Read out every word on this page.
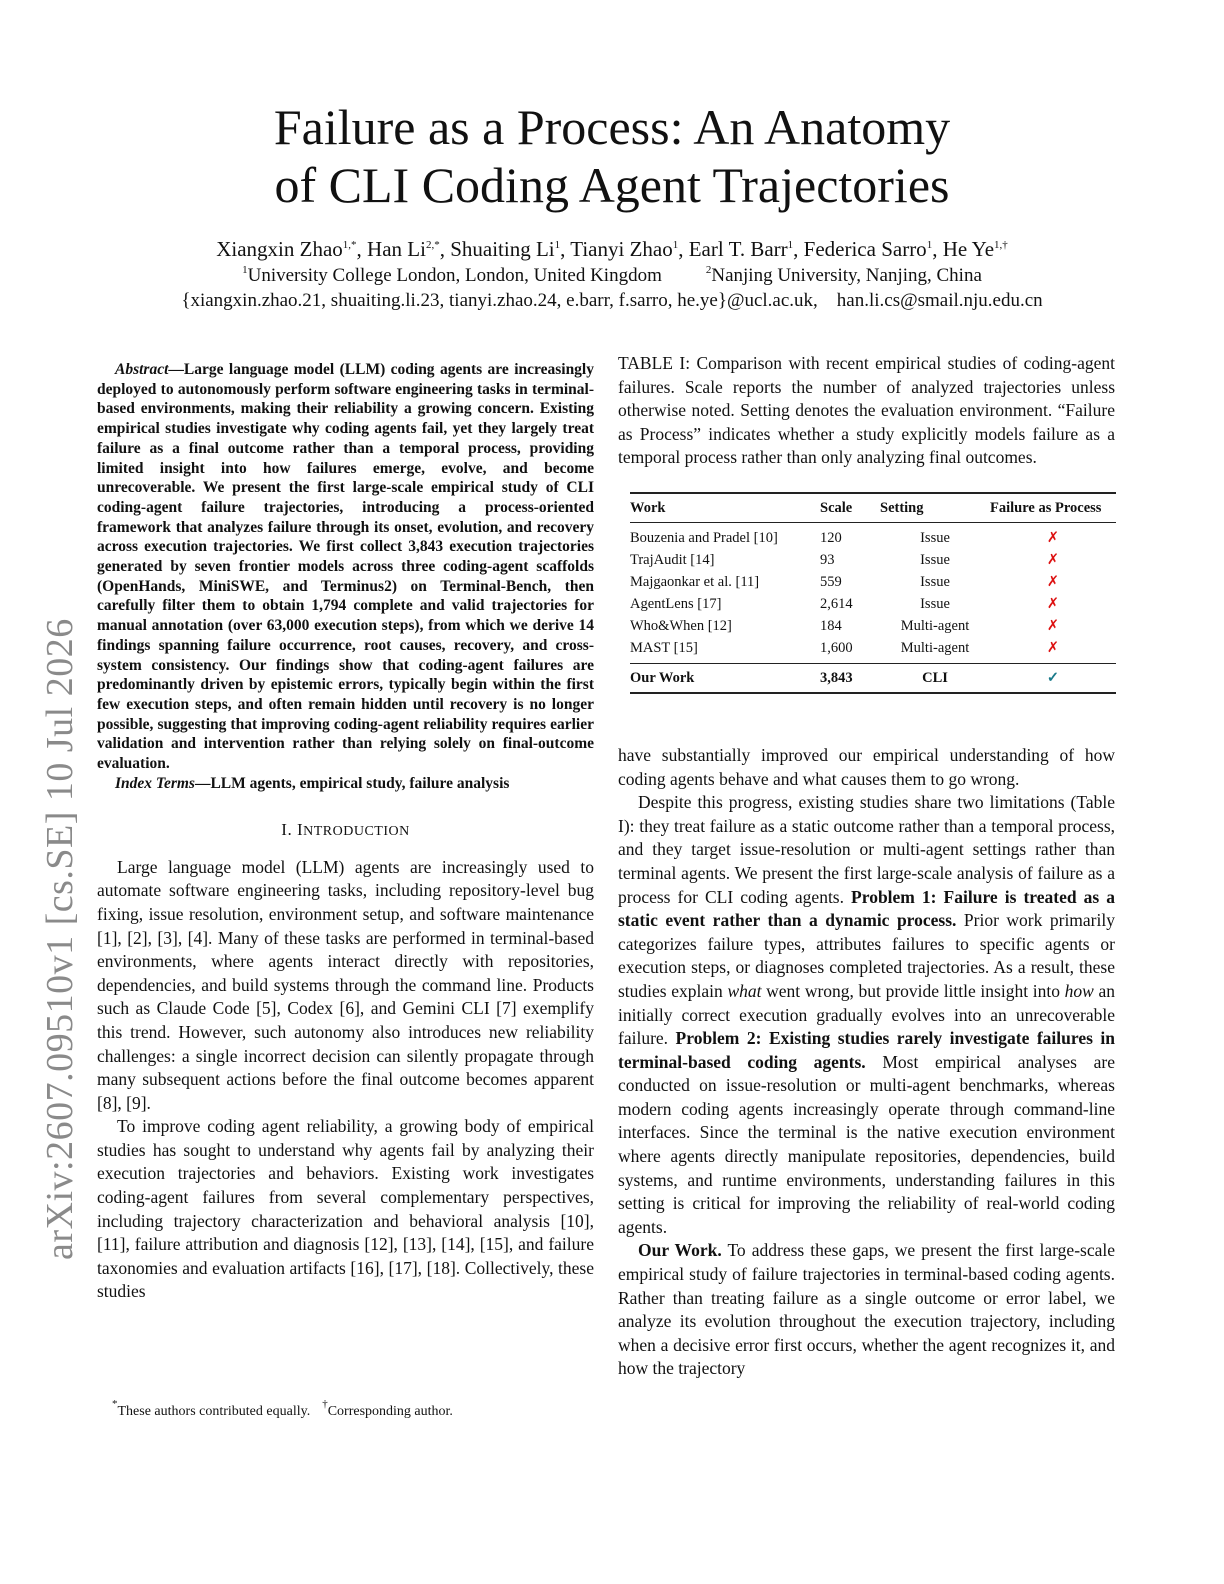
arXiv:2607.09510v1 [cs.SE] 10 Jul 2026
Failure as a Process: An Anatomy
of CLI Coding Agent Trajectories
Xiangxin Zhao$^{1,*}$, Han $Li^{2,*}$, Shuaiting Li$^1$, Tianyi Zhao$^1$, Earl T. Barr$^1$, Federica Sarro$^1$, He $Ye^{1,\dagger}$
$^1$University College London, London, United Kingdom	$^2$Nanjing University, Nanjing, China
{xiangxin.zhao.21, shuaiting.li.23, tianyi.zhao.24, e.barr, f.sarro, he.ye}@ucl.ac.uk,    han.li.cs@smail.nju.edu.cn

Abstract—Large language model (LLM) coding agents are increasingly deployed to autonomously perform software engineering tasks in terminal-based environments, making their reliability a growing concern. Existing empirical studies investigate why coding agents fail, yet they largely treat failure as a final outcome rather than a temporal process, providing limited insight into how failures emerge, evolve, and become unrecoverable. We present the first large-scale empirical study of CLI coding-agent failure trajectories, introducing a process-oriented framework that analyzes failure through its onset, evolution, and recovery across execution trajectories. We first collect 3,843 execution trajectories generated by seven frontier models across three coding-agent scaffolds (OpenHands, MiniSWE, and Terminus2) on Terminal-Bench, then carefully filter them to obtain 1,794 complete and valid trajectories for manual annotation (over 63,000 execution steps), from which we derive 14 findings spanning failure occurrence, root causes, recovery, and cross-system consistency. Our findings show that coding-agent failures are predominantly driven by epistemic errors, typically begin within the first few execution steps, and often remain hidden until recovery is no longer possible, suggesting that improving coding-agent reliability requires earlier validation and intervention rather than relying solely on final-outcome evaluation.

Index Terms—LLM agents, empirical study, failure analysis

I. INTRODUCTION

Large language model (LLM) agents are increasingly used to automate software engineering tasks, including repository-level bug fixing, issue resolution, environment setup, and software maintenance [1], [2], [3], [4]. Many of these tasks are performed in terminal-based environments, where agents interact directly with repositories, dependencies, and build systems through the command line. Products such as Claude Code [5], Codex [6], and Gemini CLI [7] exemplify this trend. However, such autonomy also introduces new reliability challenges: a single incorrect decision can silently propagate through many subsequent actions before the final outcome becomes apparent [8], [9].

To improve coding agent reliability, a growing body of empirical studies has sought to understand why agents fail by analyzing their execution trajectories and behaviors. Existing work investigates coding-agent failures from several complementary perspectives, including trajectory characterization and behavioral analysis [10], [11], failure attribution and diagnosis [12], [13], [14], [15], and failure taxonomies and evaluation artifacts [16], [17], [18]. Collectively, these studies

*These authors contributed equally. †Corresponding author.

TABLE I: Comparison with recent empirical studies of coding-agent failures. Scale reports the number of analyzed trajectories unless otherwise noted. Setting denotes the evaluation environment. “Failure as Process” indicates whether a study explicitly models failure as a temporal process rather than only analyzing final outcomes.

Work	Scale	Setting	Failure as Process
Bouzenia and Pradel [10]	120	Issue	✗
TrajAudit [14]	93	Issue	✗
Majgaonkar et al. [11]	559	Issue	✗
AgentLens [17]	2,614	Issue	✗
Who&When [12]	184	Multi-agent	✗
MAST [15]	1,600	Multi-agent	✗
Our Work	3,843	CLI	✓

have substantially improved our empirical understanding of how coding agents behave and what causes them to go wrong.

Despite this progress, existing studies share two limitations (Table I): they treat failure as a static outcome rather than a temporal process, and they target issue-resolution or multi-agent settings rather than terminal agents. We present the first large-scale analysis of failure as a process for CLI coding agents. Problem 1: Failure is treated as a static event rather than a dynamic process. Prior work primarily categorizes failure types, attributes failures to specific agents or execution steps, or diagnoses completed trajectories. As a result, these studies explain what went wrong, but provide little insight into how an initially correct execution gradually evolves into an unrecoverable failure. Problem 2: Existing studies rarely investigate failures in terminal-based coding agents. Most empirical analyses are conducted on issue-resolution or multi-agent benchmarks, whereas modern coding agents increasingly operate through command-line interfaces. Since the terminal is the native execution environment where agents directly manipulate repositories, dependencies, build systems, and runtime environments, understanding failures in this setting is critical for improving the reliability of real-world coding agents.

Our Work. To address these gaps, we present the first large-scale empirical study of failure trajectories in terminal-based coding agents. Rather than treating failure as a single outcome or error label, we analyze its evolution throughout the execution trajectory, including when a decisive error first occurs, whether the agent recognizes it, and how the trajectory
